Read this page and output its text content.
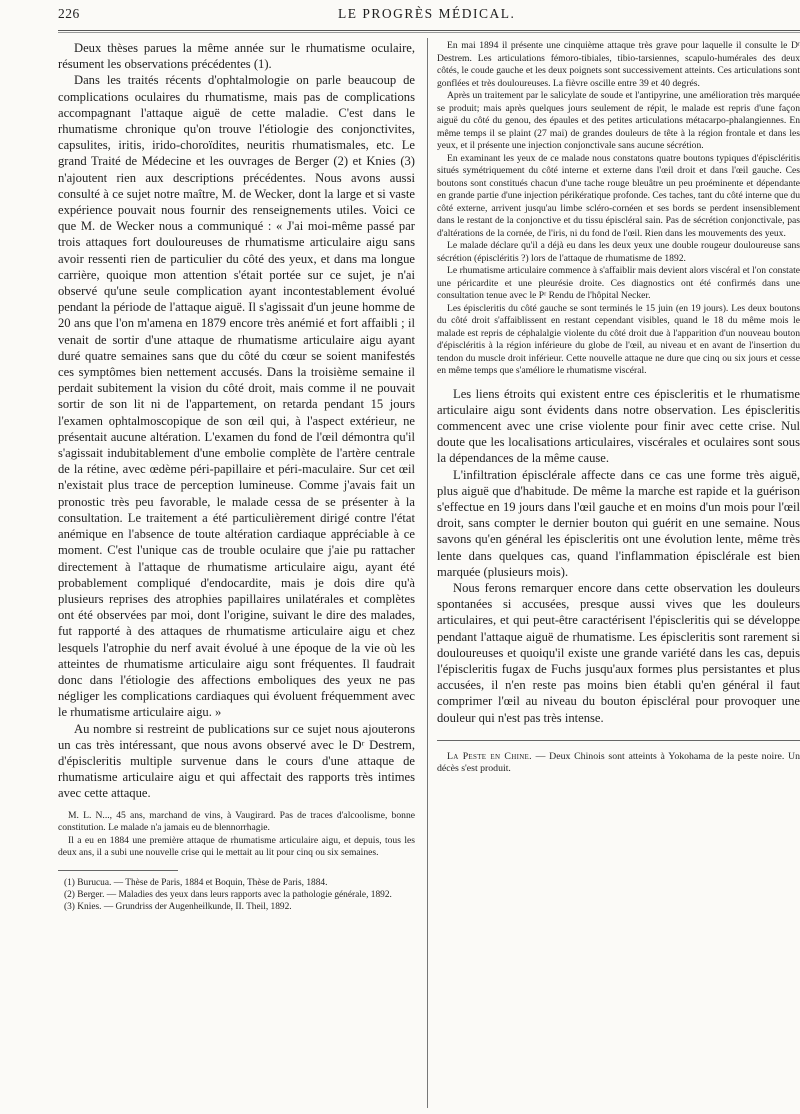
226	LE PROGRÈS MÉDICAL.

Deux thèses parues la même année sur le rhumatisme oculaire, résument les observations précédentes (1).

Dans les traités récents d'ophtalmologie on parle beaucoup de complications oculaires du rhumatisme, mais pas de complications accompagnant l'attaque aiguë de cette maladie. C'est dans le rhumatisme chronique qu'on trouve l'étiologie des conjonctivites, capsulites, iritis, irido-choroïdites, neuritis rhumatismales, etc. Le grand Traité de Médecine et les ouvrages de Berger (2) et Knies (3) n'ajoutent rien aux descriptions précédentes. Nous avons aussi consulté à ce sujet notre maître, M. de Wecker, dont la large et si vaste expérience pouvait nous fournir des renseignements utiles. Voici ce que M. de Wecker nous a communiqué : « J'ai moi-même passé par trois attaques fort douloureuses de rhumatisme articulaire aigu sans avoir ressenti rien de particulier du côté des yeux, et dans ma longue carrière, quoique mon attention s'était portée sur ce sujet, je n'ai observé qu'une seule complication ayant incontestablement évolué pendant la période de l'attaque aiguë. Il s'agissait d'un jeune homme de 20 ans que l'on m'amena en 1879 encore très anémié et fort affaibli ; il venait de sortir d'une attaque de rhumatisme articulaire aigu ayant duré quatre semaines sans que du côté du cœur se soient manifestés ces symptômes bien nettement accusés. Dans la troisième semaine il perdait subitement la vision du côté droit, mais comme il ne pouvait sortir de son lit ni de l'appartement, on retarda pendant 15 jours l'examen ophtalmoscopique de son œil qui, à l'aspect extérieur, ne présentait aucune altération. L'examen du fond de l'œil démontra qu'il s'agissait indubitablement d'une embolie complète de l'artère centrale de la rétine, avec œdème péri-papillaire et péri-maculaire. Sur cet œil n'existait plus trace de perception lumineuse. Comme j'avais fait un pronostic très peu favorable, le malade cessa de se présenter à la consultation. Le traitement a été particulièrement dirigé contre l'état anémique en l'absence de toute altération cardiaque appréciable à ce moment. C'est l'unique cas de trouble oculaire que j'aie pu rattacher directement à l'attaque de rhumatisme articulaire aigu, ayant été probablement compliqué d'endocardite, mais je dois dire qu'à plusieurs reprises des atrophies papillaires unilatérales et complètes ont été observées par moi, dont l'origine, suivant le dire des malades, fut rapporté à des attaques de rhumatisme articulaire aigu et chez lesquels l'atrophie du nerf avait évolué à une époque de la vie où les atteintes de rhumatisme articulaire aigu sont fréquentes. Il faudrait donc dans l'étiologie des affections emboliques des yeux ne pas négliger les complications cardiaques qui évoluent fréquemment avec le rhumatisme articulaire aigu. »

Au nombre si restreint de publications sur ce sujet nous ajouterons un cas très intéressant, que nous avons observé avec le Dʳ Destrem, d'épiscleritis multiple survenue dans le cours d'une attaque de rhumatisme articulaire aigu et qui affectait des rapports très intimes avec cette attaque.

M. L. N..., 45 ans, marchand de vins, à Vaugirard. Pas de traces d'alcoolisme, bonne constitution. Le malade n'a jamais eu de blennorrhagie.

Il a eu en 1884 une première attaque de rhumatisme articulaire aigu, et depuis, tous les deux ans, il a subi une nouvelle crise qui le mettait au lit pour cinq ou six semaines.

(1) Burucua. — Thèse de Paris, 1884 et Boquin, Thèse de Paris, 1884.

(2) Berger. — Maladies des yeux dans leurs rapports avec la pathologie générale, 1892.

(3) Knies. — Grundriss der Augenheilkunde, II. Theil, 1892.

En mai 1894 il présente une cinquième attaque très grave pour laquelle il consulte le Dʳ Destrem. Les articulations fémoro-tibiales, tibio-tarsiennes, scapulo-humérales des deux côtés, le coude gauche et les deux poignets sont successivement atteints. Ces articulations sont gonflées et très douloureuses. La fièvre oscille entre 39 et 40 degrés.

Après un traitement par le salicylate de soude et l'antipyrine, une amélioration très marquée se produit; mais après quelques jours seulement de répit, le malade est repris d'une façon aiguë du côté du genou, des épaules et des petites articulations métacarpo-phalangiennes. En même temps il se plaint (27 mai) de grandes douleurs de tête à la région frontale et dans les yeux, et il présente une injection conjonctivale sans aucune sécrétion.

En examinant les yeux de ce malade nous constatons quatre boutons typiques d'épiscléritis situés symétriquement du côté interne et externe dans l'œil droit et dans l'œil gauche. Ces boutons sont constitués chacun d'une tache rouge bleuâtre un peu proéminente et dépendante en grande partie d'une injection périkératique profonde. Ces taches, tant du côté interne que du côté externe, arrivent jusqu'au limbe scléro-cornéen et ses bords se perdent insensiblement dans le restant de la conjonctive et du tissu épiscléral sain. Pas de sécrétion conjonctivale, pas d'altérations de la cornée, de l'iris, ni du fond de l'œil. Rien dans les mouvements des yeux.

Le malade déclare qu'il a déjà eu dans les deux yeux une double rougeur douloureuse sans sécrétion (épiscléritis ?) lors de l'attaque de rhumatisme de 1892.

Le rhumatisme articulaire commence à s'affaiblir mais devient alors viscéral et l'on constate une péricardite et une pleurésie droite. Ces diagnostics ont été confirmés dans une consultation tenue avec le Pʳ Rendu de l'hôpital Necker.

Les épiscleritis du côté gauche se sont terminés le 15 juin (en 19 jours). Les deux boutons du côté droit s'affaiblissent en restant cependant visibles, quand le 18 du même mois le malade est repris de céphalalgie violente du côté droit due à l'apparition d'un nouveau bouton d'épiscléritis à la région inférieure du globe de l'œil, au niveau et en avant de l'insertion du tendon du muscle droit inférieur. Cette nouvelle attaque ne dure que cinq ou six jours et cesse en même temps que s'améliore le rhumatisme viscéral.

Les liens étroits qui existent entre ces épiscleritis et le rhumatisme articulaire aigu sont évidents dans notre observation. Les épiscleritis commencent avec une crise violente pour finir avec cette crise. Nul doute que les localisations articulaires, viscérales et oculaires sont sous la dépendances de la même cause.

L'infiltration épisclérale affecte dans ce cas une forme très aiguë, plus aiguë que d'habitude. De même la marche est rapide et la guérison s'effectue en 19 jours dans l'œil gauche et en moins d'un mois pour l'œil droit, sans compter le dernier bouton qui guérit en une semaine. Nous savons qu'en général les épiscleritis ont une évolution lente, même très lente dans quelques cas, quand l'inflammation épisclérale est bien marquée (plusieurs mois).

Nous ferons remarquer encore dans cette observation les douleurs spontanées si accusées, presque aussi vives que les douleurs articulaires, et qui peut-être caractérisent l'épiscleritis qui se développe pendant l'attaque aiguë de rhumatisme. Les épiscleritis sont rarement si douloureuses et quoiqu'il existe une grande variété dans les cas, depuis l'épiscleritis fugax de Fuchs jusqu'aux formes plus persistantes et plus accusées, il n'en reste pas moins bien établi qu'en général il faut comprimer l'œil au niveau du bouton épiscléral pour provoquer une douleur qui n'est pas très intense.

La Peste en Chine. — Deux Chinois sont atteints à Yokohama de la peste noire. Un décès s'est produit.
